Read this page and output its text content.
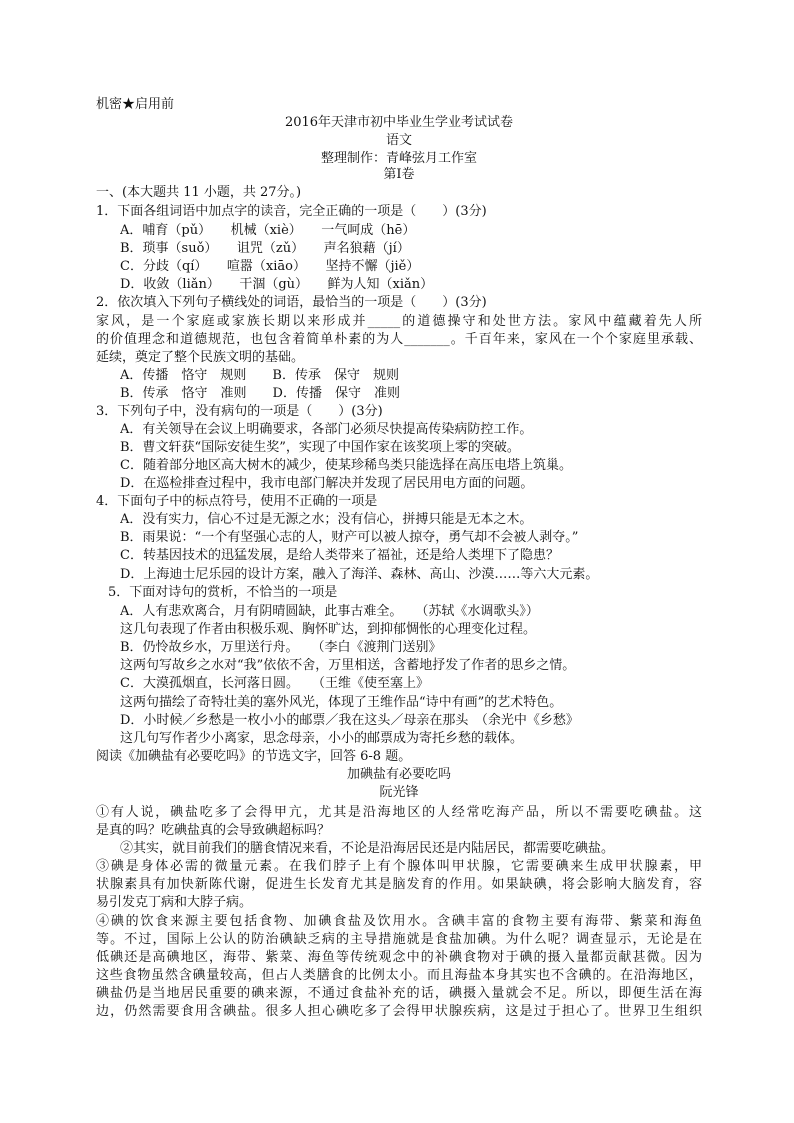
机密★启用前
2016年天津市初中毕业生学业考试试卷
语文
整理制作：青峰弦月工作室
第Ⅰ卷
一、(本大题共 11 小题，共 27分。)
1．下面各组词语中加点字的读音，完全正确的一项是（　　）(3分)
A．哺育（pǔ）　　机械（xiè）　　一气呵成（hē）
B．琐事（suǒ）　　诅咒（zǔ）　　声名狼藉（jí）
C．分歧（qí）　　喧嚣（xiāo）　　坚持不懈（jiě）
D．收敛（liǎn）　　干涸（gù）　　鲜为人知（xiǎn）
2．依次填入下列句子横线处的词语，最恰当的一项是（　　）(3分)
家风，是一个家庭或家族长期以来形成并_____的道德操守和处世方法。家风中蕴藏着先人所
的价值理念和道德规范，也包含着简单朴素的为人_______。千百年来，家风在一个个家庭里承载、
延续，奠定了整个民族文明的基础。
A．传播　恪守　规则　　B．传承　保守　规则
B．传承　恪守　准则　　D．传播　保守　准则
3．下列句子中，没有病句的一项是（　　）(3分)
A．有关领导在会议上明确要求，各部门必须尽快提高传染病防控工作。
B．曹文轩获“国际安徒生奖”，实现了中国作家在该奖项上零的突破。
C．随着部分地区高大树木的减少，使某珍稀鸟类只能选择在高压电塔上筑巢。
D．在巡检排查过程中，我市电部门解决并发现了居民用电方面的问题。
4．下面句子中的标点符号，使用不正确的一项是
A．没有实力，信心不过是无源之水；没有信心，拼搏只能是无本之木。
B．雨果说：“一个有坚强心志的人，财产可以被人掠夺，勇气却不会被人剥夺。”
C．转基因技术的迅猛发展，是给人类带来了福祉，还是给人类埋下了隐患？
D．上海迪士尼乐园的设计方案，融入了海洋、森林、高山、沙漠……等六大元素。
5．下面对诗句的赏析，不恰当的一项是
A．人有悲欢离合，月有阴晴圆缺，此事古难全。　　（苏轼《水调歌头》）
这几句表现了作者由积极乐观、胸怀旷达，到抑郁惆怅的心理变化过程。
B．仍怜故乡水，万里送行舟。　　（李白《渡荆门送别》
这两句写故乡之水对“我”依依不舍，万里相送，含蓄地抒发了作者的思乡之情。
C．大漠孤烟直，长河落日圆。　　（王维《使至塞上》
这两句描绘了奇特壮美的塞外风光，体现了王维作品“诗中有画”的艺术特色。
D．小时候／乡愁是一枚小小的邮票／我在这头／母亲在那头　（余光中《乡愁》
这几句写作者少小离家，思念母亲，小小的邮票成为寄托乡愁的载体。
阅读《加碘盐有必要吃吗》的节选文字，回答 6-8 题。
加碘盐有必要吃吗
阮光锋
①有人说，碘盐吃多了会得甲亢，尤其是沿海地区的人经常吃海产品，所以不需要吃碘盐。这
是真的吗？吃碘盐真的会导致碘超标吗？
②其实，就目前我们的膳食情况来看，不论是沿海居民还是内陆居民，都需要吃碘盐。
③碘是身体必需的微量元素。在我们脖子上有个腺体叫甲状腺，它需要碘来生成甲状腺素，甲
状腺素具有加快新陈代谢，促进生长发育尤其是脑发育的作用。如果缺碘，将会影响大脑发育，容
易引发克丁病和大脖子病。
④碘的饮食来源主要包括食物、加碘食盐及饮用水。含碘丰富的食物主要有海带、紫菜和海鱼
等。不过，国际上公认的防治碘缺乏病的主导措施就是食盐加碘。为什么呢？调查显示，无论是在
低碘还是高碘地区，海带、紫菜、海鱼等传统观念中的补碘食物对于碘的摄入量都贡献甚微。因为
这些食物虽然含碘量较高，但占人类膳食的比例太小。而且海盐本身其实也不含碘的。在沿海地区，
碘盐仍是当地居民重要的碘来源，不通过食盐补充的话，碘摄入量就会不足。所以，即便生活在海
边，仍然需要食用含碘盐。很多人担心碘吃多了会得甲状腺疾病，这是过于担心了。世界卫生组织
